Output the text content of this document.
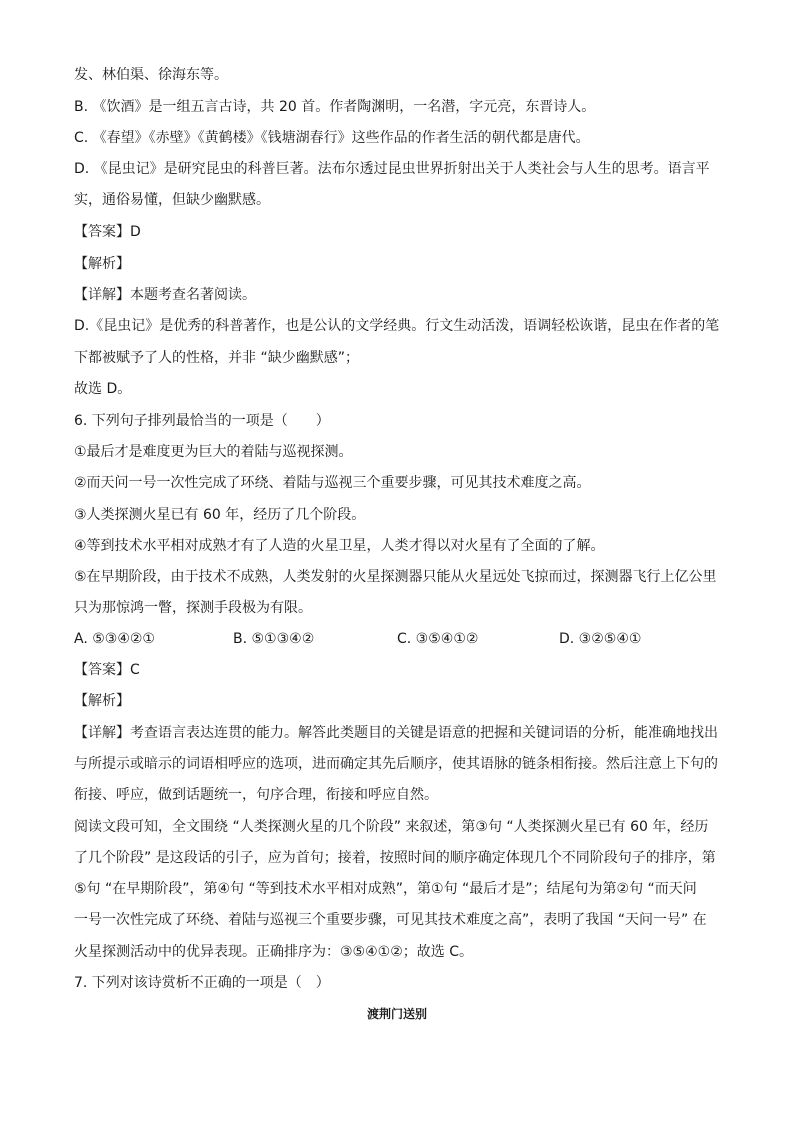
发、林伯渠、徐海东等。
B. 《饮酒》是一组五言古诗，共 20 首。作者陶渊明，一名潜，字元亮，东晋诗人。
C. 《春望》《赤壁》《黄鹤楼》《钱塘湖春行》这些作品的作者生活的朝代都是唐代。
D. 《昆虫记》是研究昆虫的科普巨著。法布尔透过昆虫世界折射出关于人类社会与人生的思考。语言平
实，通俗易懂，但缺少幽默感。
【答案】D
【解析】
【详解】本题考查名著阅读。
D.《昆虫记》是优秀的科普著作，也是公认的文学经典。行文生动活泼，语调轻松诙谐，昆虫在作者的笔
下都被赋予了人的性格，并非 “缺少幽默感”；
故选 D。
6. 下列句子排列最恰当的一项是（　　）
①最后才是难度更为巨大的着陆与巡视探测。
②而天问一号一次性完成了环绕、着陆与巡视三个重要步骤，可见其技术难度之高。
③人类探测火星已有 60 年，经历了几个阶段。
④等到技术水平相对成熟才有了人造的火星卫星，人类才得以对火星有了全面的了解。
⑤在早期阶段，由于技术不成熟，人类发射的火星探测器只能从火星远处飞掠而过，探测器飞行上亿公里
只为那惊鸿一瞥，探测手段极为有限。
A. ⑤③④②①	B. ⑤①③④②	C. ③⑤④①②	D. ③②⑤④①
【答案】C
【解析】
【详解】考查语言表达连贯的能力。解答此类题目的关键是语意的把握和关键词语的分析，能准确地找出
与所提示或暗示的词语相呼应的选项，进而确定其先后顺序，使其语脉的链条相衔接。然后注意上下句的
衔接、呼应，做到话题统一，句序合理，衔接和呼应自然。
阅读文段可知，全文围绕 “人类探测火星的几个阶段” 来叙述，第③句 “人类探测火星已有 60 年，经历
了几个阶段” 是这段话的引子，应为首句；接着，按照时间的顺序确定体现几个不同阶段句子的排序，第
⑤句 “在早期阶段”，第④句 “等到技术水平相对成熟”，第①句 “最后才是”；结尾句为第②句 “而天问
一号一次性完成了环绕、着陆与巡视三个重要步骤，可见其技术难度之高”，表明了我国 “天问一号” 在
火星探测活动中的优异表现。正确排序为：③⑤④①②；故选 C。
7. 下列对该诗赏析不正确的一项是（　）
渡荆门送别
